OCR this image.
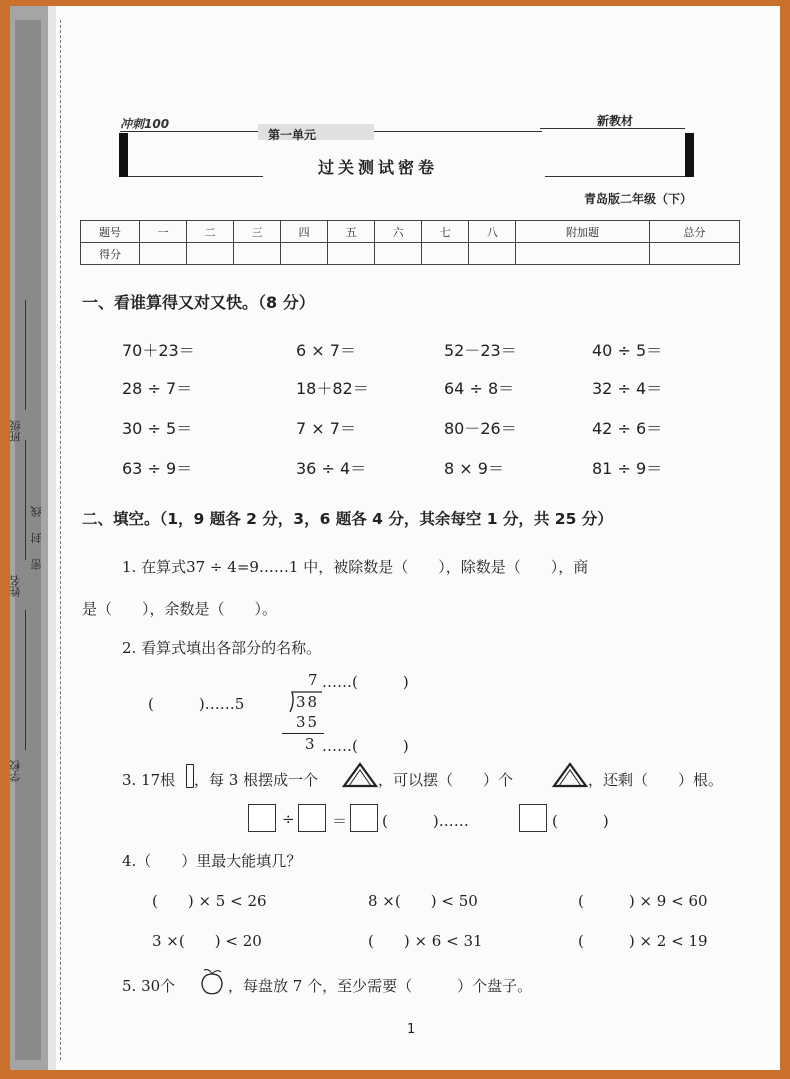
班级
姓名
密 封 线
学校
冲刺100
第一单元
过关测试密卷
新教材
青岛版二年级（下）
题号	一	二	三	四	五	六	七	八	附加题	总分
得分										
一、看谁算得又对又快。（8 分）
70＋23＝	6 × 7＝	52－23＝	40 ÷ 5＝
28 ÷ 7＝	18＋82＝	64 ÷ 8＝	32 ÷ 4＝
30 ÷ 5＝	7 × 7＝	80－26＝	42 ÷ 6＝
63 ÷ 9＝	36 ÷ 4＝	8 × 9＝	81 ÷ 9＝
二、填空。（1，9 题各 2 分，3，6 题各 4 分，其余每空 1 分，共 25 分）
1. 在算式37 ÷ 4=9……1 中，被除数是（　　），除数是（　　），商
是（　　），余数是（　　）。
2. 看算式填出各部分的名称。
7 ……(　　　)
(　　　)……5	38
35
3 ……(　　　)
3. 17根 ，每 3 根摆成一个	，可以摆（　　）个	，还剩（　　）根。
÷ ＝ (　　　)……	(　　　)
4.（　　）里最大能填几？
(　　) × 5 < 26	8 ×(　　) < 50	(　　　) × 9 < 60
3 ×(　　) < 20	(　　) × 6 < 31	(　　　) × 2 < 19
5. 30个	，每盘放 7 个，至少需要（　　　）个盘子。
1
